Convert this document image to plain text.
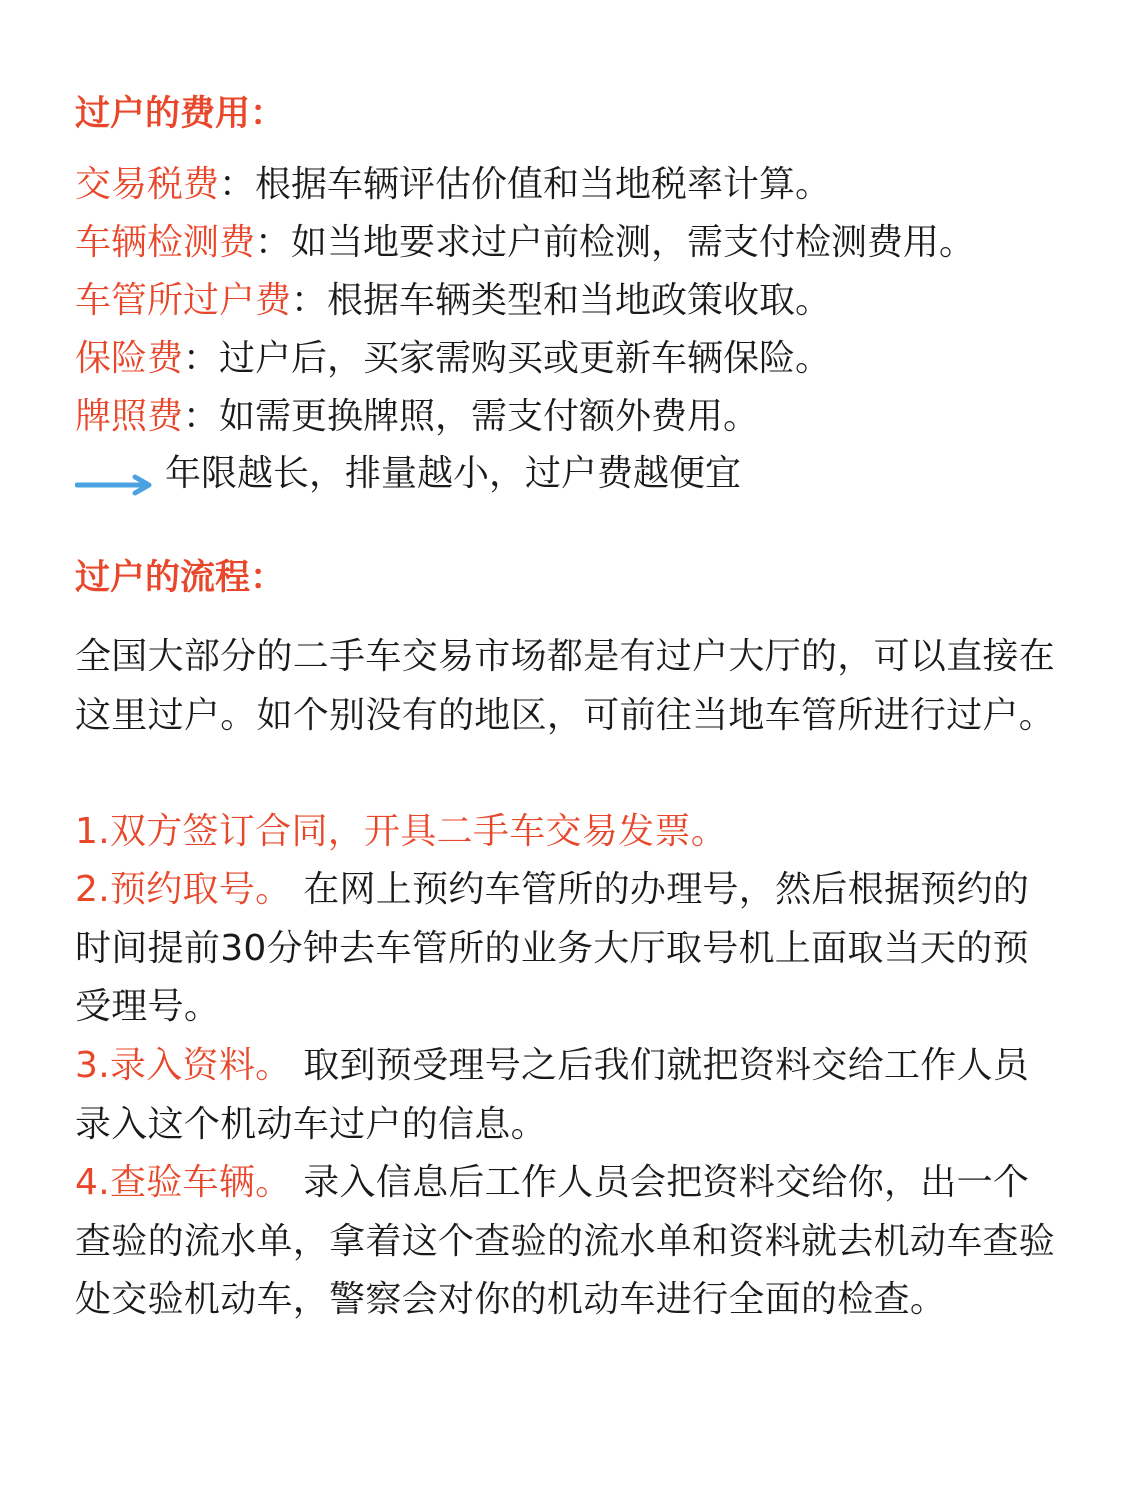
过户的费用：
交易税费：根据车辆评估价值和当地税率计算。
车辆检测费：如当地要求过户前检测，需支付检测费用。
车管所过户费：根据车辆类型和当地政策收取。
保险费：过户后，买家需购买或更新车辆保险。
牌照费：如需更换牌照，需支付额外费用。
年限越长，排量越小，过户费越便宜
过户的流程：
全国大部分的二手车交易市场都是有过户大厅的，可以直接在这里过户。如个别没有的地区，可前往当地车管所进行过户。
1.双方签订合同，开具二手车交易发票。
2.预约取号。 在网上预约车管所的办理号，然后根据预约的时间提前30分钟去车管所的业务大厅取号机上面取当天的预受理号。
3.录入资料。 取到预受理号之后我们就把资料交给工作人员录入这个机动车过户的信息。
4.查验车辆。 录入信息后工作人员会把资料交给你，出一个查验的流水单，拿着这个查验的流水单和资料就去机动车查验处交验机动车，警察会对你的机动车进行全面的检查。
